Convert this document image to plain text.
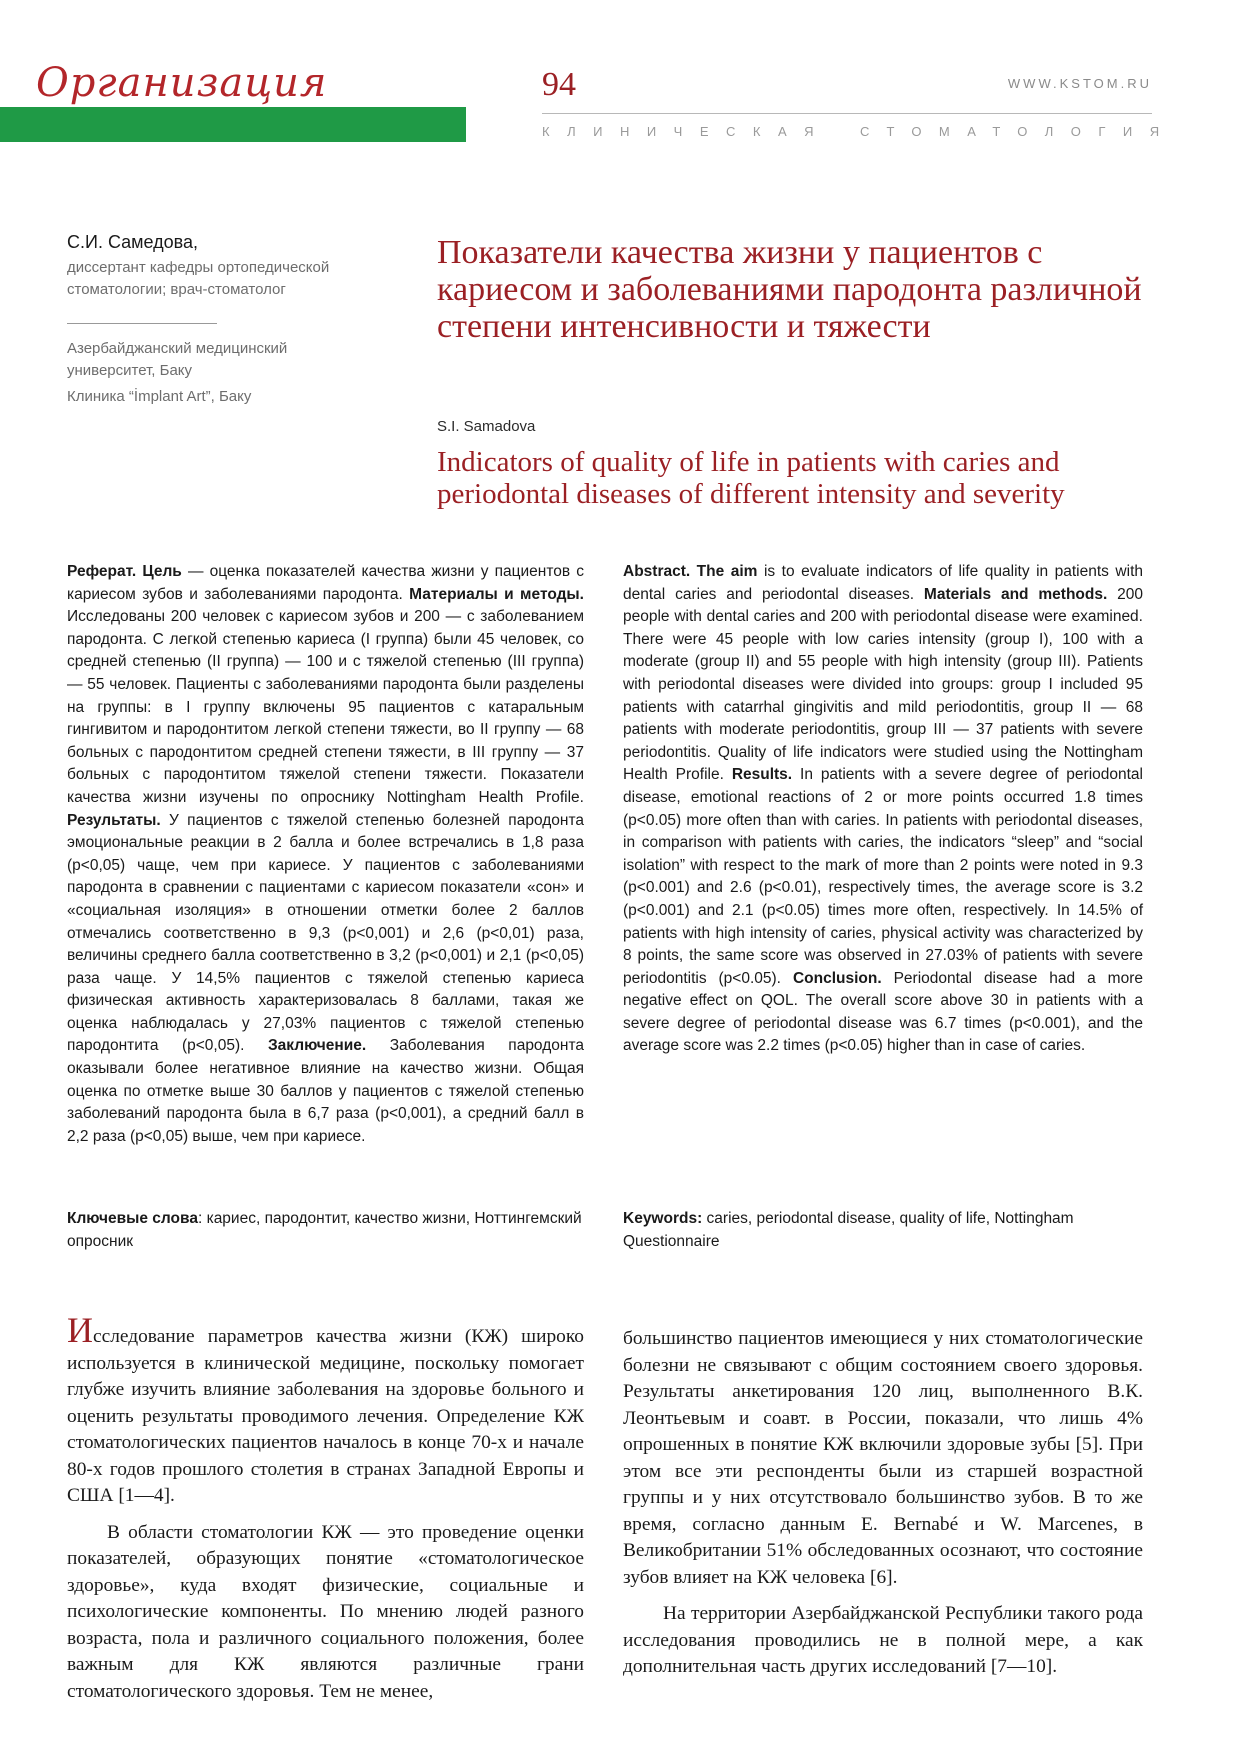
Организация	94	WWW.KSTOM.RU
КЛИНИЧЕСКАЯ СТОМАТОЛОГИЯ
С.И. Самедова,
диссертант кафедры ортопедической стоматологии; врач-стоматолог
Азербайджанский медицинский университет, Баку
Клиника “İmplant Art”, Баку
Показатели качества жизни у пациентов с кариесом и заболеваниями пародонта различной степени интенсивности и тяжести
S.I. Samadova
Indicators of quality of life in patients with caries and periodontal diseases of different intensity and severity

Реферат. Цель — оценка показателей качества жизни у пациентов с кариесом зубов и заболеваниями пародонта. Материалы и методы. Исследованы 200 человек с кариесом зубов и 200 — с заболеванием пародонта. С легкой степенью кариеса (I группа) были 45 человек, со средней степенью (II группа) — 100 и с тяжелой степенью (III группа) — 55 человек. Пациенты с заболеваниями пародонта были разделены на группы: в I группу включены 95 пациентов с катаральным гингивитом и пародонтитом легкой степени тяжести, во II группу — 68 больных с пародонтитом средней степени тяжести, в III группу — 37 больных с пародонтитом тяжелой степени тяжести. Показатели качества жизни изучены по опроснику Nottingham Health Profile. Результаты. У пациентов с тяжелой степенью болезней пародонта эмоциональные реакции в 2 балла и более встречались в 1,8 раза (p<0,05) чаще, чем при кариесе. У пациентов с заболеваниями пародонта в сравнении с пациентами с кариесом показатели «сон» и «социальная изоляция» в отношении отметки более 2 баллов отмечались соответственно в 9,3 (p<0,001) и 2,6 (p<0,01) раза, величины среднего балла соответственно в 3,2 (p<0,001) и 2,1 (p<0,05) раза чаще. У 14,5% пациентов с тяжелой степенью кариеса физическая активность характеризовалась 8 баллами, такая же оценка наблюдалась у 27,03% пациентов с тяжелой степенью пародонтита (p<0,05). Заключение. Заболевания пародонта оказывали более негативное влияние на качество жизни. Общая оценка по отметке выше 30 баллов у пациентов с тяжелой степенью заболеваний пародонта была в 6,7 раза (p<0,001), а средний балл в 2,2 раза (p<0,05) выше, чем при кариесе.

Abstract. The aim is to evaluate indicators of life quality in patients with dental caries and periodontal diseases. Materials and methods. 200 people with dental caries and 200 with periodontal disease were examined. There were 45 people with low caries intensity (group I), 100 with a moderate (group II) and 55 people with high intensity (group III). Patients with periodontal diseases were divided into groups: group I included 95 patients with catarrhal gingivitis and mild periodontitis, group II — 68 patients with moderate periodontitis, group III — 37 patients with severe periodontitis. Quality of life indicators were studied using the Nottingham Health Profile. Results. In patients with a severe degree of periodontal disease, emotional reactions of 2 or more points occurred 1.8 times (p<0.05) more often than with caries. In patients with periodontal diseases, in comparison with patients with caries, the indicators “sleep” and “social isolation” with respect to the mark of more than 2 points were noted in 9.3 (p<0.001) and 2.6 (p<0.01), respectively times, the average score is 3.2 (p<0.001) and 2.1 (p<0.05) times more often, respectively. In 14.5% of patients with high intensity of caries, physical activity was characterized by 8 points, the same score was observed in 27.03% of patients with severe periodontitis (p<0.05). Conclusion. Periodontal disease had a more negative effect on QOL. The overall score above 30 in patients with a severe degree of periodontal disease was 6.7 times (p<0.001), and the average score was 2.2 times (p<0.05) higher than in case of caries.

Ключевые слова: кариес, пародонтит, качество жизни, Ноттингемский опросник
Keywords: caries, periodontal disease, quality of life, Nottingham Questionnaire

Исследование параметров качества жизни (КЖ) широко используется в клинической медицине, поскольку помогает глубже изучить влияние заболевания на здоровье больного и оценить результаты проводимого лечения. Определение КЖ стоматологических пациентов началось в конце 70-х и начале 80-х годов прошлого столетия в странах Западной Европы и США [1—4].

В области стоматологии КЖ — это проведение оценки показателей, образующих понятие «стоматологическое здоровье», куда входят физические, социальные и психологические компоненты. По мнению людей разного возраста, пола и различного социального положения, более важным для КЖ являются различные грани стоматологического здоровья. Тем не менее,

большинство пациентов имеющиеся у них стоматологические болезни не связывают с общим состоянием своего здоровья. Результаты анкетирования 120 лиц, выполненного В.К. Леонтьевым и соавт. в России, показали, что лишь 4% опрошенных в понятие КЖ включили здоровые зубы [5]. При этом все эти респонденты были из старшей возрастной группы и у них отсутствовало большинство зубов. В то же время, согласно данным E. Bernabé и W. Marcenes, в Великобритании 51% обследованных осознают, что состояние зубов влияет на КЖ человека [6].

На территории Азербайджанской Республики такого рода исследования проводились не в полной мере, а как дополнительная часть других исследований [7—10].
